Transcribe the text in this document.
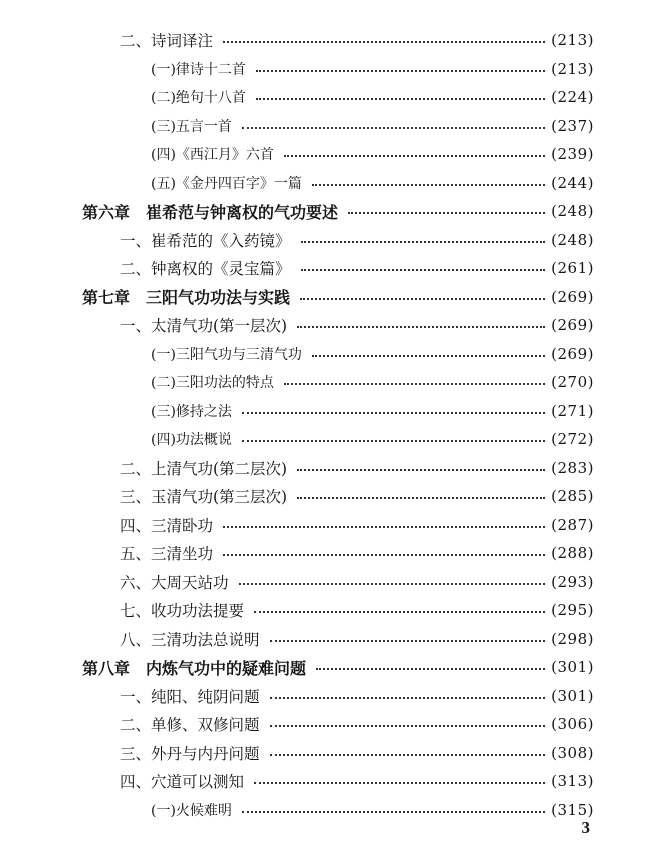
二、诗词译注	(213)
(一)律诗十二首	(213)
(二)绝句十八首	(224)
(三)五言一首	(237)
(四)《西江月》六首	(239)
(五)《金丹四百字》一篇	(244)
第六章　崔希范与钟离权的气功要述	(248)
一、崔希范的《入药镜》	(248)
二、钟离权的《灵宝篇》	(261)
第七章　三阳气功功法与实践	(269)
一、太清气功(第一层次)	(269)
(一)三阳气功与三清气功	(269)
(二)三阳功法的特点	(270)
(三)修持之法	(271)
(四)功法概说	(272)
二、上清气功(第二层次)	(283)
三、玉清气功(第三层次)	(285)
四、三清卧功	(287)
五、三清坐功	(288)
六、大周天站功	(293)
七、收功功法提要	(295)
八、三清功法总说明	(298)
第八章　内炼气功中的疑难问题	(301)
一、纯阳、纯阴问题	(301)
二、单修、双修问题	(306)
三、外丹与内丹问题	(308)
四、穴道可以测知	(313)
(一)火候难明	(315)
3
